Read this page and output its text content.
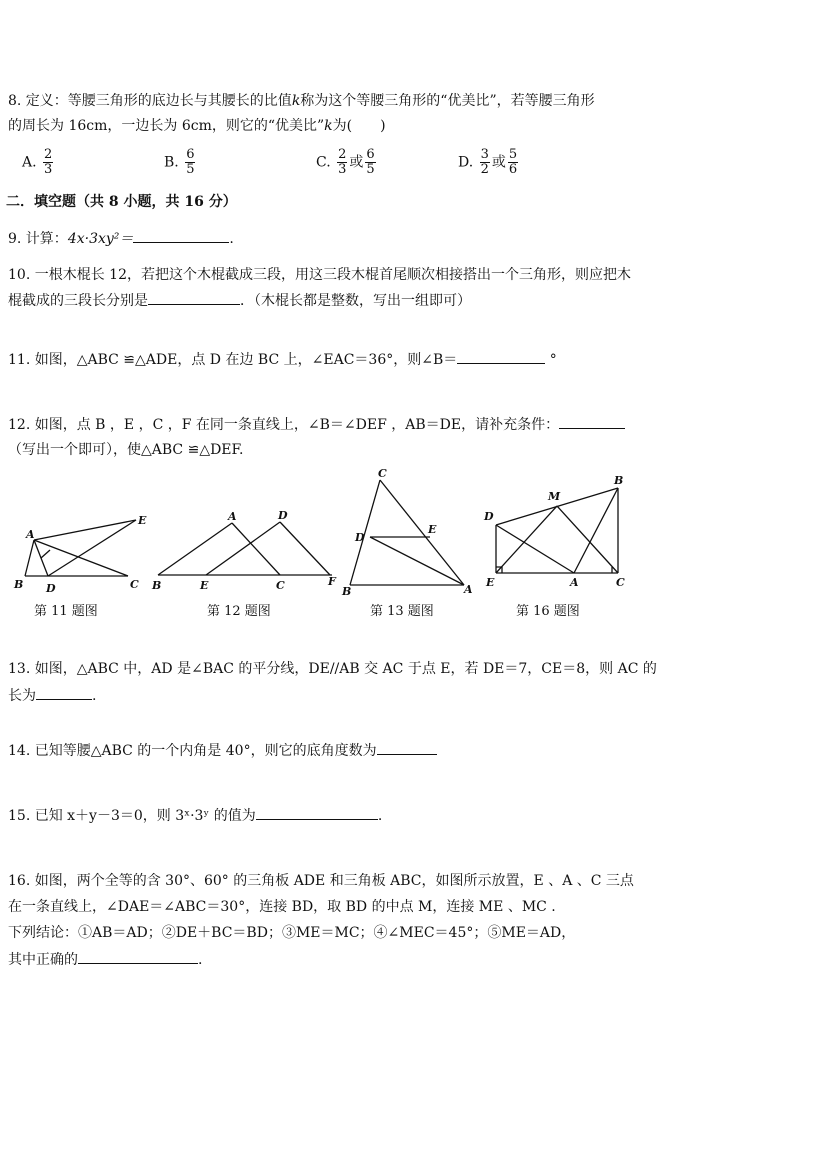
8. 定义：等腰三角形的底边长与其腰长的比值k称为这个等腰三角形的“优美比”，若等腰三角形
的周长为 16cm，一边长为 6cm，则它的“优美比”k为(　　)
A. $\frac{2}{3}$	B. $\frac{6}{5}$	C. $\frac{2}{3}$ 或 $\frac{6}{5}$	D. $\frac{3}{2}$ 或 $\frac{5}{6}$
二．填空题（共 8 小题，共 16 分）
9. 计算：4x·3xy²＝	.
10. 一根木棍长 12，若把这个木棍截成三段，用这三段木棍首尾顺次相接搭出一个三角形，则应把木
棍截成的三段长分别是	．（木棍长都是整数，写出一组即可）
11. 如图，△ABC ≌△ADE，点 D 在边 BC 上，∠EAC＝36°，则∠B＝	°
12. 如图，点 B ，E ，C ，F 在同一条直线上，∠B＝∠DEF ，AB＝DE，请补充条件：
（写出一个即可），使△ABC ≌△DEF.
A
E
B D	C
第 11 题图
A	D
B	E	C	F
第 12 题图
C
D
E
B	A
第 13 题图
M
B
D
E	A	C
第 16 题图
13. 如图，△ABC 中，AD 是∠BAC 的平分线，DE//AB 交 AC 于点 E，若 DE＝7，CE＝8，则 AC 的
长为	.
14. 已知等腰△ABC 的一个内角是 40°，则它的底角度数为
15. 已知 x＋y－3＝0，则 3ˣ·3ʸ 的值为	.
16. 如图，两个全等的含 30°、60° 的三角板 ADE 和三角板 ABC，如图所示放置，E 、A 、C 三点
在一条直线上，∠DAE＝∠ABC＝30°，连接 BD，取 BD 的中点 M，连接 ME 、MC .
下列结论：①AB＝AD；②DE＋BC＝BD；③ME＝MC；④∠MEC＝45°；⑤ME＝AD，
其中正确的	.
